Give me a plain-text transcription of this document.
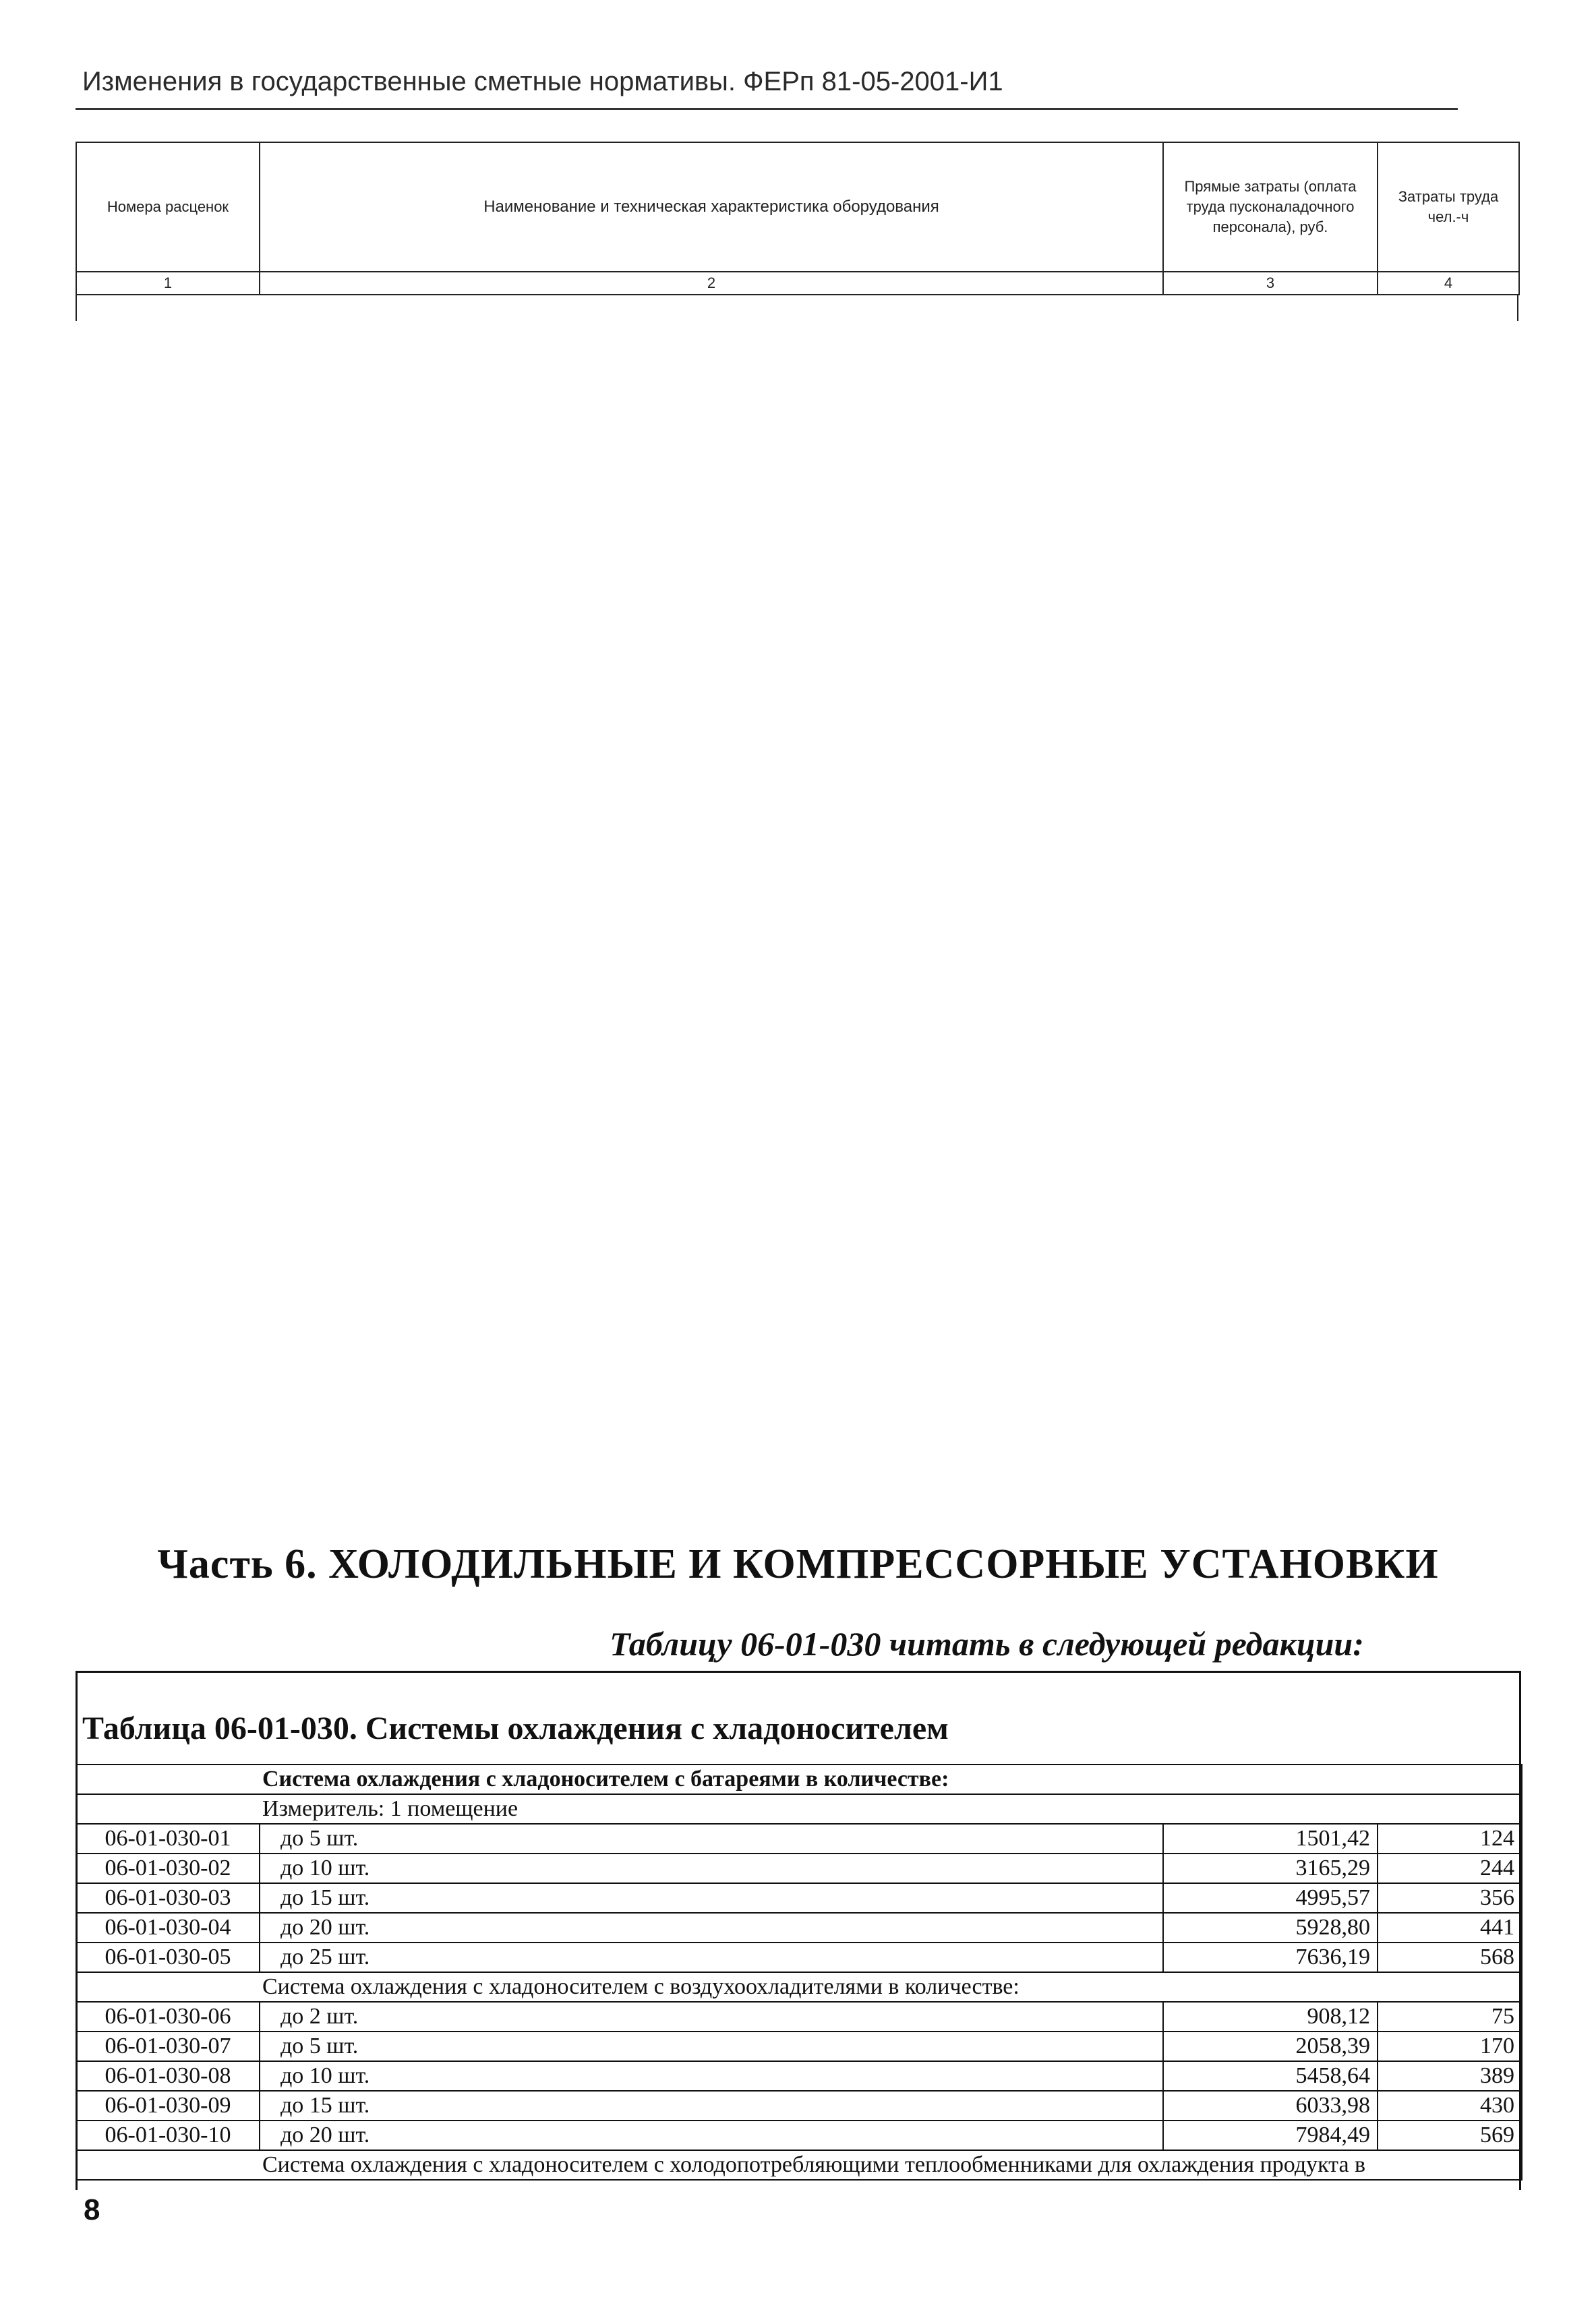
Изменения в государственные сметные нормативы. ФЕРп 81-05-2001-И1
Номера расценок	Наименование и техническая характеристика оборудования	Прямые затраты (оплата труда пусконаладочного персонала), руб.	Затраты труда чел.-ч
1	2	3	4
Часть 6. ХОЛОДИЛЬНЫЕ И КОМПРЕССОРНЫЕ УСТАНОВКИ
Таблицу 06-01-030 читать в следующей редакции:
Таблица 06-01-030. Системы охлаждения с хладоносителем
Система охлаждения с хладоносителем с батареями в количестве:			
Измеритель: 1 помещение			
06-01-030-01	до 5 шт.	1501,42	124
06-01-030-02	до 10 шт.	3165,29	244
06-01-030-03	до 15 шт.	4995,57	356
06-01-030-04	до 20 шт.	5928,80	441
06-01-030-05	до 25 шт.	7636,19	568
Система охлаждения с хладоносителем с воздухоохладителями в количестве:			
06-01-030-06	до 2 шт.	908,12	75
06-01-030-07	до 5 шт.	2058,39	170
06-01-030-08	до 10 шт.	5458,64	389
06-01-030-09	до 15 шт.	6033,98	430
06-01-030-10	до 20 шт.	7984,49	569
Система охлаждения с хладоносителем с холодопотребляющими теплообменниками для охлаждения продукта в			
8
